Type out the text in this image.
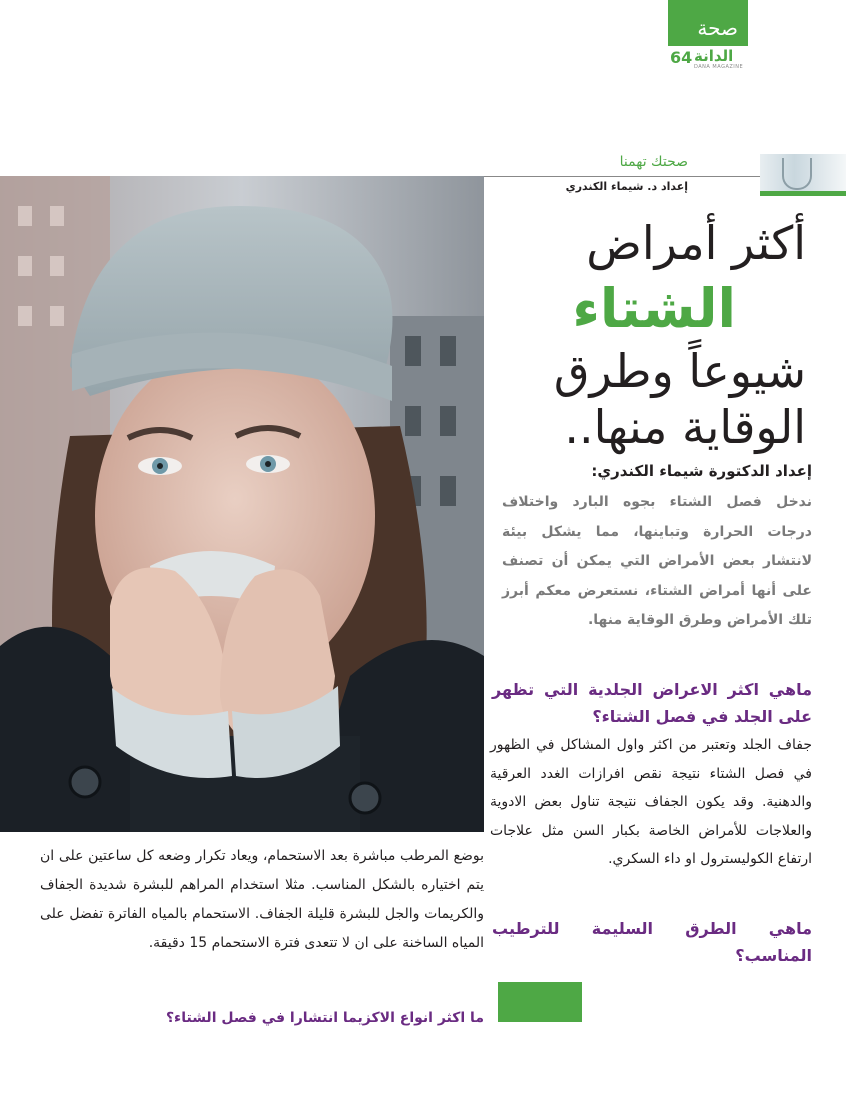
صحة
64 الدانة
DANA MAGAZINE
صحتك تهمنا
إعداد د. شيماء الكندري
أكثر أمراض
الشتاء
شيوعاً وطرق
الوقاية منها..
إعداد الدكتورة شيماء الكندري:
ندخل فصل الشتاء بجوه البارد واختلاف درجات الحرارة وتباينها، مما يشكل بيئة لانتشار بعض الأمراض التي يمكن أن تصنف على أنها أمراض الشتاء، نستعرض معكم أبرز تلك الأمراض وطرق الوقاية منها.
ماهي اكثر الاعراض الجلدية التي تظهر على الجلد في فصل الشتاء؟
جفاف الجلد وتعتبر من اكثر واول المشاكل في الظهور في فصل الشتاء نتيجة نقص افرازات الغدد العرقية والدهنية. وقد يكون الجفاف نتيجة تناول بعض الادوية والعلاجات للأمراض الخاصة بكبار السن مثل علاجات ارتفاع الكوليسترول او داء السكري.
ماهي الطرق السليمة للترطيب المناسب؟
بوضع المرطب مباشرة بعد الاستحمام، ويعاد تكرار وضعه كل ساعتين على ان يتم اختياره بالشكل المناسب. مثلا استخدام المراهم للبشرة شديدة الجفاف والكريمات والجل للبشرة قليلة الجفاف. الاستحمام بالمياه الفاترة تفضل على المياه الساخنة على ان لا تتعدى فترة الاستحمام 15 دقيقة.
ما اكثر انواع الاكزيما انتشارا في فصل الشتاء؟
